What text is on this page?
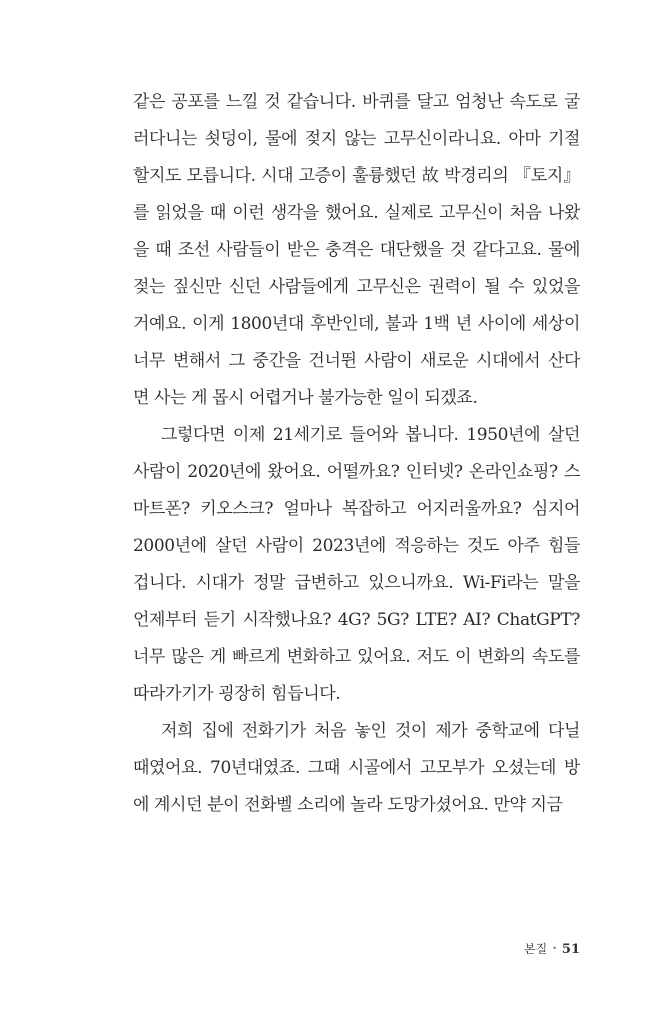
같은 공포를 느낄 것 같습니다. 바퀴를 달고 엄청난 속도로 굴
러다니는 쇳덩이, 물에 젖지 않는 고무신이라니요. 아마 기절
할지도 모릅니다. 시대 고증이 훌륭했던 故 박경리의 『토지』
를 읽었을 때 이런 생각을 했어요. 실제로 고무신이 처음 나왔
을 때 조선 사람들이 받은 충격은 대단했을 것 같다고요. 물에
젖는 짚신만 신던 사람들에게 고무신은 권력이 될 수 있었을
거예요. 이게 1800년대 후반인데, 불과 1백 년 사이에 세상이
너무 변해서 그 중간을 건너뛴 사람이 새로운 시대에서 산다
면 사는 게 몹시 어렵거나 불가능한 일이 되겠죠.
그렇다면 이제 21세기로 들어와 봅니다. 1950년에 살던
사람이 2020년에 왔어요. 어떨까요? 인터넷? 온라인쇼핑? 스
마트폰? 키오스크? 얼마나 복잡하고 어지러울까요? 심지어
2000년에 살던 사람이 2023년에 적응하는 것도 아주 힘들
겁니다. 시대가 정말 급변하고 있으니까요. Wi-Fi라는 말을
언제부터 듣기 시작했나요? 4G? 5G? LTE? AI? ChatGPT?
너무 많은 게 빠르게 변화하고 있어요. 저도 이 변화의 속도를
따라가기가 굉장히 힘듭니다.
저희 집에 전화기가 처음 놓인 것이 제가 중학교에 다닐
때였어요. 70년대였죠. 그때 시골에서 고모부가 오셨는데 방
에 계시던 분이 전화벨 소리에 놀라 도망가셨어요. 만약 지금
본질 • 51
